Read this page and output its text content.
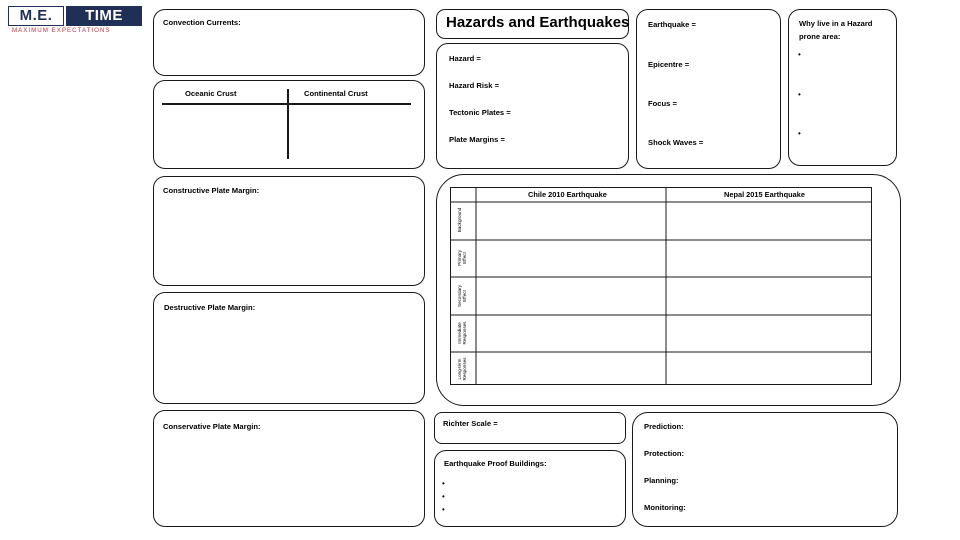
M.E.	TIME
MAXIMUM EXPECTATIONS
Convection Currents:
Oceanic Crust	Continental Crust
Constructive Plate Margin:
Destructive Plate Margin:
Conservative Plate Margin:
Hazards and Earthquakes
Hazard =
Hazard Risk =
Tectonic Plates =
Plate Margins =
Earthquake =
Epicentre =
Focus =
Shock Waves =
Why live in a Hazard
prone area:
•
•
•
Chile 2010 Earthquake	Nepal 2015 Earthquake
Background
Primary Effect
Secondary Effect
Immediate Responses
Long-term Responses
Richter Scale =
Earthquake Proof Buildings:
•
•
•
Prediction:
Protection:
Planning:
Monitoring:
